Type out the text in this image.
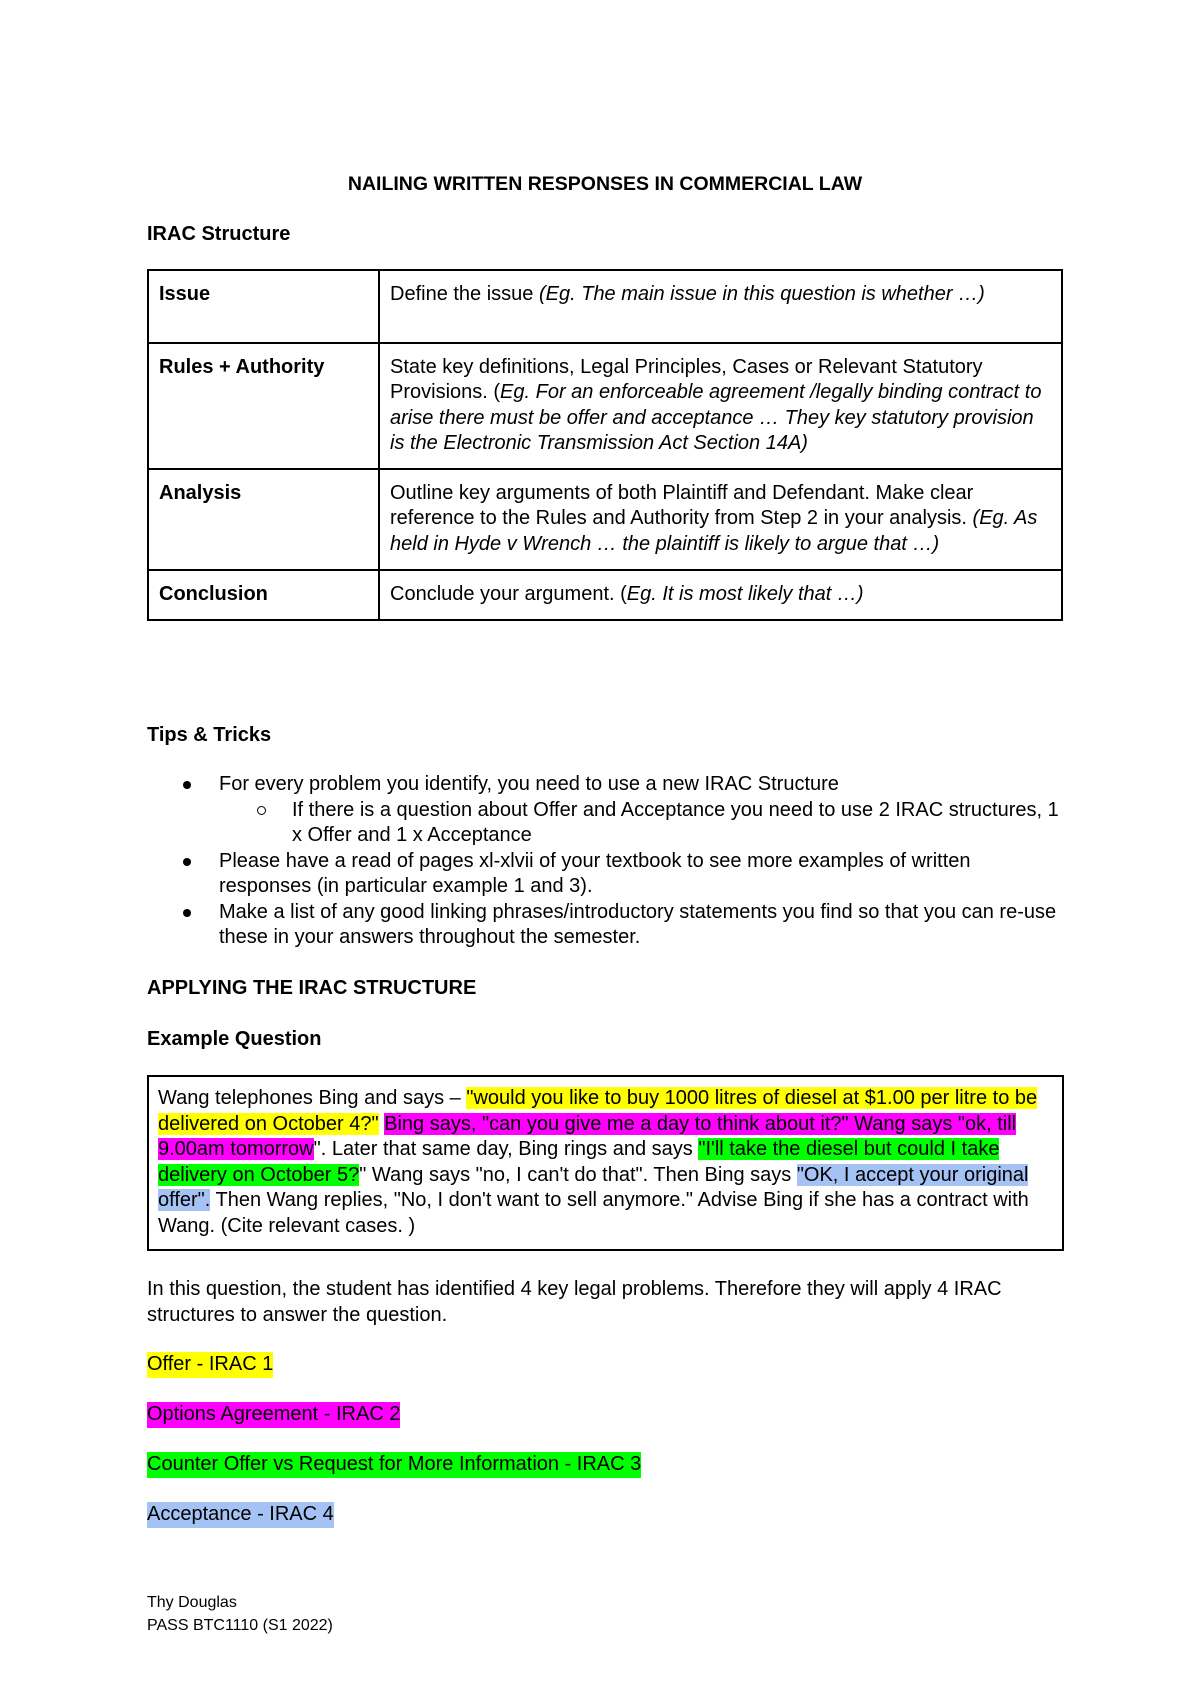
NAILING WRITTEN RESPONSES IN COMMERCIAL LAW
IRAC Structure
Issue	Define the issue (Eg. The main issue in this question is whether …)
Rules + Authority	State key definitions, Legal Principles, Cases or Relevant Statutory Provisions. (Eg. For an enforceable agreement /legally binding contract to arise there must be offer and acceptance … They key statutory provision is the Electronic Transmission Act Section 14A)
Analysis	Outline key arguments of both Plaintiff and Defendant. Make clear reference to the Rules and Authority from Step 2 in your analysis. (Eg. As held in Hyde v Wrench … the plaintiff is likely to argue that …)
Conclusion	Conclude your argument. (Eg. It is most likely that …)
Tips & Tricks
For every problem you identify, you need to use a new IRAC Structure
If there is a question about Offer and Acceptance you need to use 2 IRAC structures, 1 x Offer and 1 x Acceptance
Please have a read of pages xl-xlvii of your textbook to see more examples of written responses (in particular example 1 and 3).
Make a list of any good linking phrases/introductory statements you find so that you can re-use these in your answers throughout the semester.
APPLYING THE IRAC STRUCTURE
Example Question
Wang telephones Bing and says – "would you like to buy 1000 litres of diesel at $1.00 per litre to be delivered on October 4?" Bing says, "can you give me a day to think about it?" Wang says "ok, till 9.00am tomorrow". Later that same day, Bing rings and says "I'll take the diesel but could I take delivery on October 5?" Wang says "no, I can't do that". Then Bing says "OK, I accept your original offer". Then Wang replies, "No, I don't want to sell anymore." Advise Bing if she has a contract with Wang. (Cite relevant cases. )
In this question, the student has identified 4 key legal problems. Therefore they will apply 4 IRAC structures to answer the question.
Offer - IRAC 1
Options Agreement - IRAC 2
Counter Offer vs Request for More Information - IRAC 3
Acceptance - IRAC 4
Thy Douglas
PASS BTC1110 (S1 2022)
